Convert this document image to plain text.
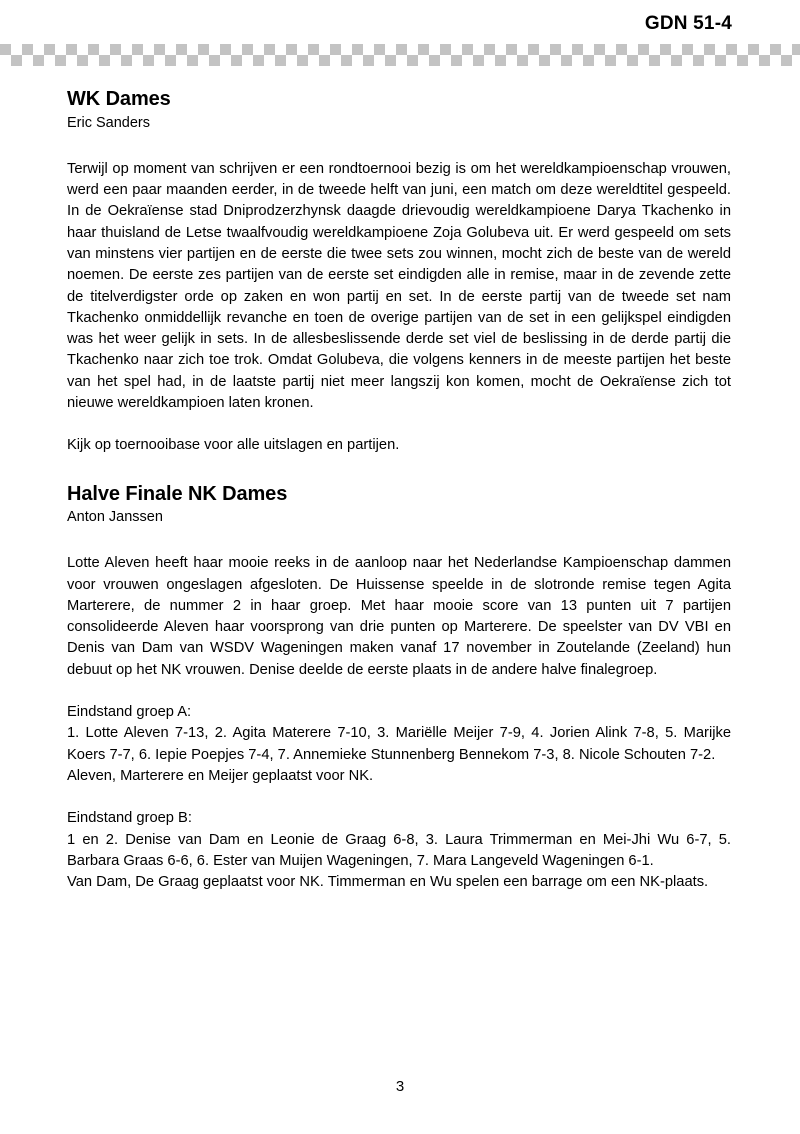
GDN 51-4
WK Dames
Eric Sanders

Terwijl op moment van schrijven er een rondtoernooi bezig is om het wereldkampioenschap vrouwen, werd een paar maanden eerder, in de tweede helft van juni, een match om deze wereldtitel gespeeld. In de Oekraïense stad Dniprodzerzhynsk daagde drievoudig wereldkampioene Darya Tkachenko in haar thuisland de Letse twaalfvoudig wereldkampioene Zoja Golubeva uit. Er werd gespeeld om sets van minstens vier partijen en de eerste die twee sets zou winnen, mocht zich de beste van de wereld noemen. De eerste zes partijen van de eerste set eindigden alle in remise, maar in de zevende zette de titelverdigster orde op zaken en won partij en set. In de eerste partij van de tweede set nam Tkachenko onmiddellijk revanche en toen de overige partijen van de set in een gelijkspel eindigden was het weer gelijk in sets. In de allesbeslissende derde set viel de beslissing in de derde partij die Tkachenko naar zich toe trok. Omdat Golubeva, die volgens kenners in de meeste partijen het beste van het spel had, in de laatste partij niet meer langszij kon komen, mocht de Oekraïense zich tot nieuwe wereldkampioen laten kronen.

Kijk op toernooibase voor alle uitslagen en partijen.

Halve Finale NK Dames
Anton Janssen

Lotte Aleven heeft haar mooie reeks in de aanloop naar het Nederlandse Kampioenschap dammen voor vrouwen ongeslagen afgesloten. De Huissense speelde in de slotronde remise tegen Agita Marterere, de nummer 2 in haar groep. Met haar mooie score van 13 punten uit 7 partijen consolideerde Aleven haar voorsprong van drie punten op Marterere. De speelster van DV VBI en Denis van Dam van WSDV Wageningen maken vanaf 17 november in Zoutelande (Zeeland) hun debuut op het NK vrouwen. Denise deelde de eerste plaats in de andere halve finalegroep.

Eindstand groep A:
1. Lotte Aleven 7-13, 2. Agita Materere 7-10, 3. Mariëlle Meijer 7-9, 4. Jorien Alink 7-8, 5. Marijke Koers 7-7, 6. Iepie Poepjes 7-4, 7. Annemieke Stunnenberg Bennekom 7-3, 8. Nicole Schouten 7-2.
Aleven, Marterere en Meijer geplaatst voor NK.
Eindstand groep B:
1 en 2. Denise van Dam en Leonie de Graag 6-8, 3. Laura Trimmerman en Mei-Jhi Wu 6-7, 5. Barbara Graas 6-6, 6. Ester van Muijen Wageningen, 7. Mara Langeveld Wageningen 6-1.
Van Dam, De Graag geplaatst voor NK. Timmerman en Wu spelen een barrage om een NK-plaats.
3
